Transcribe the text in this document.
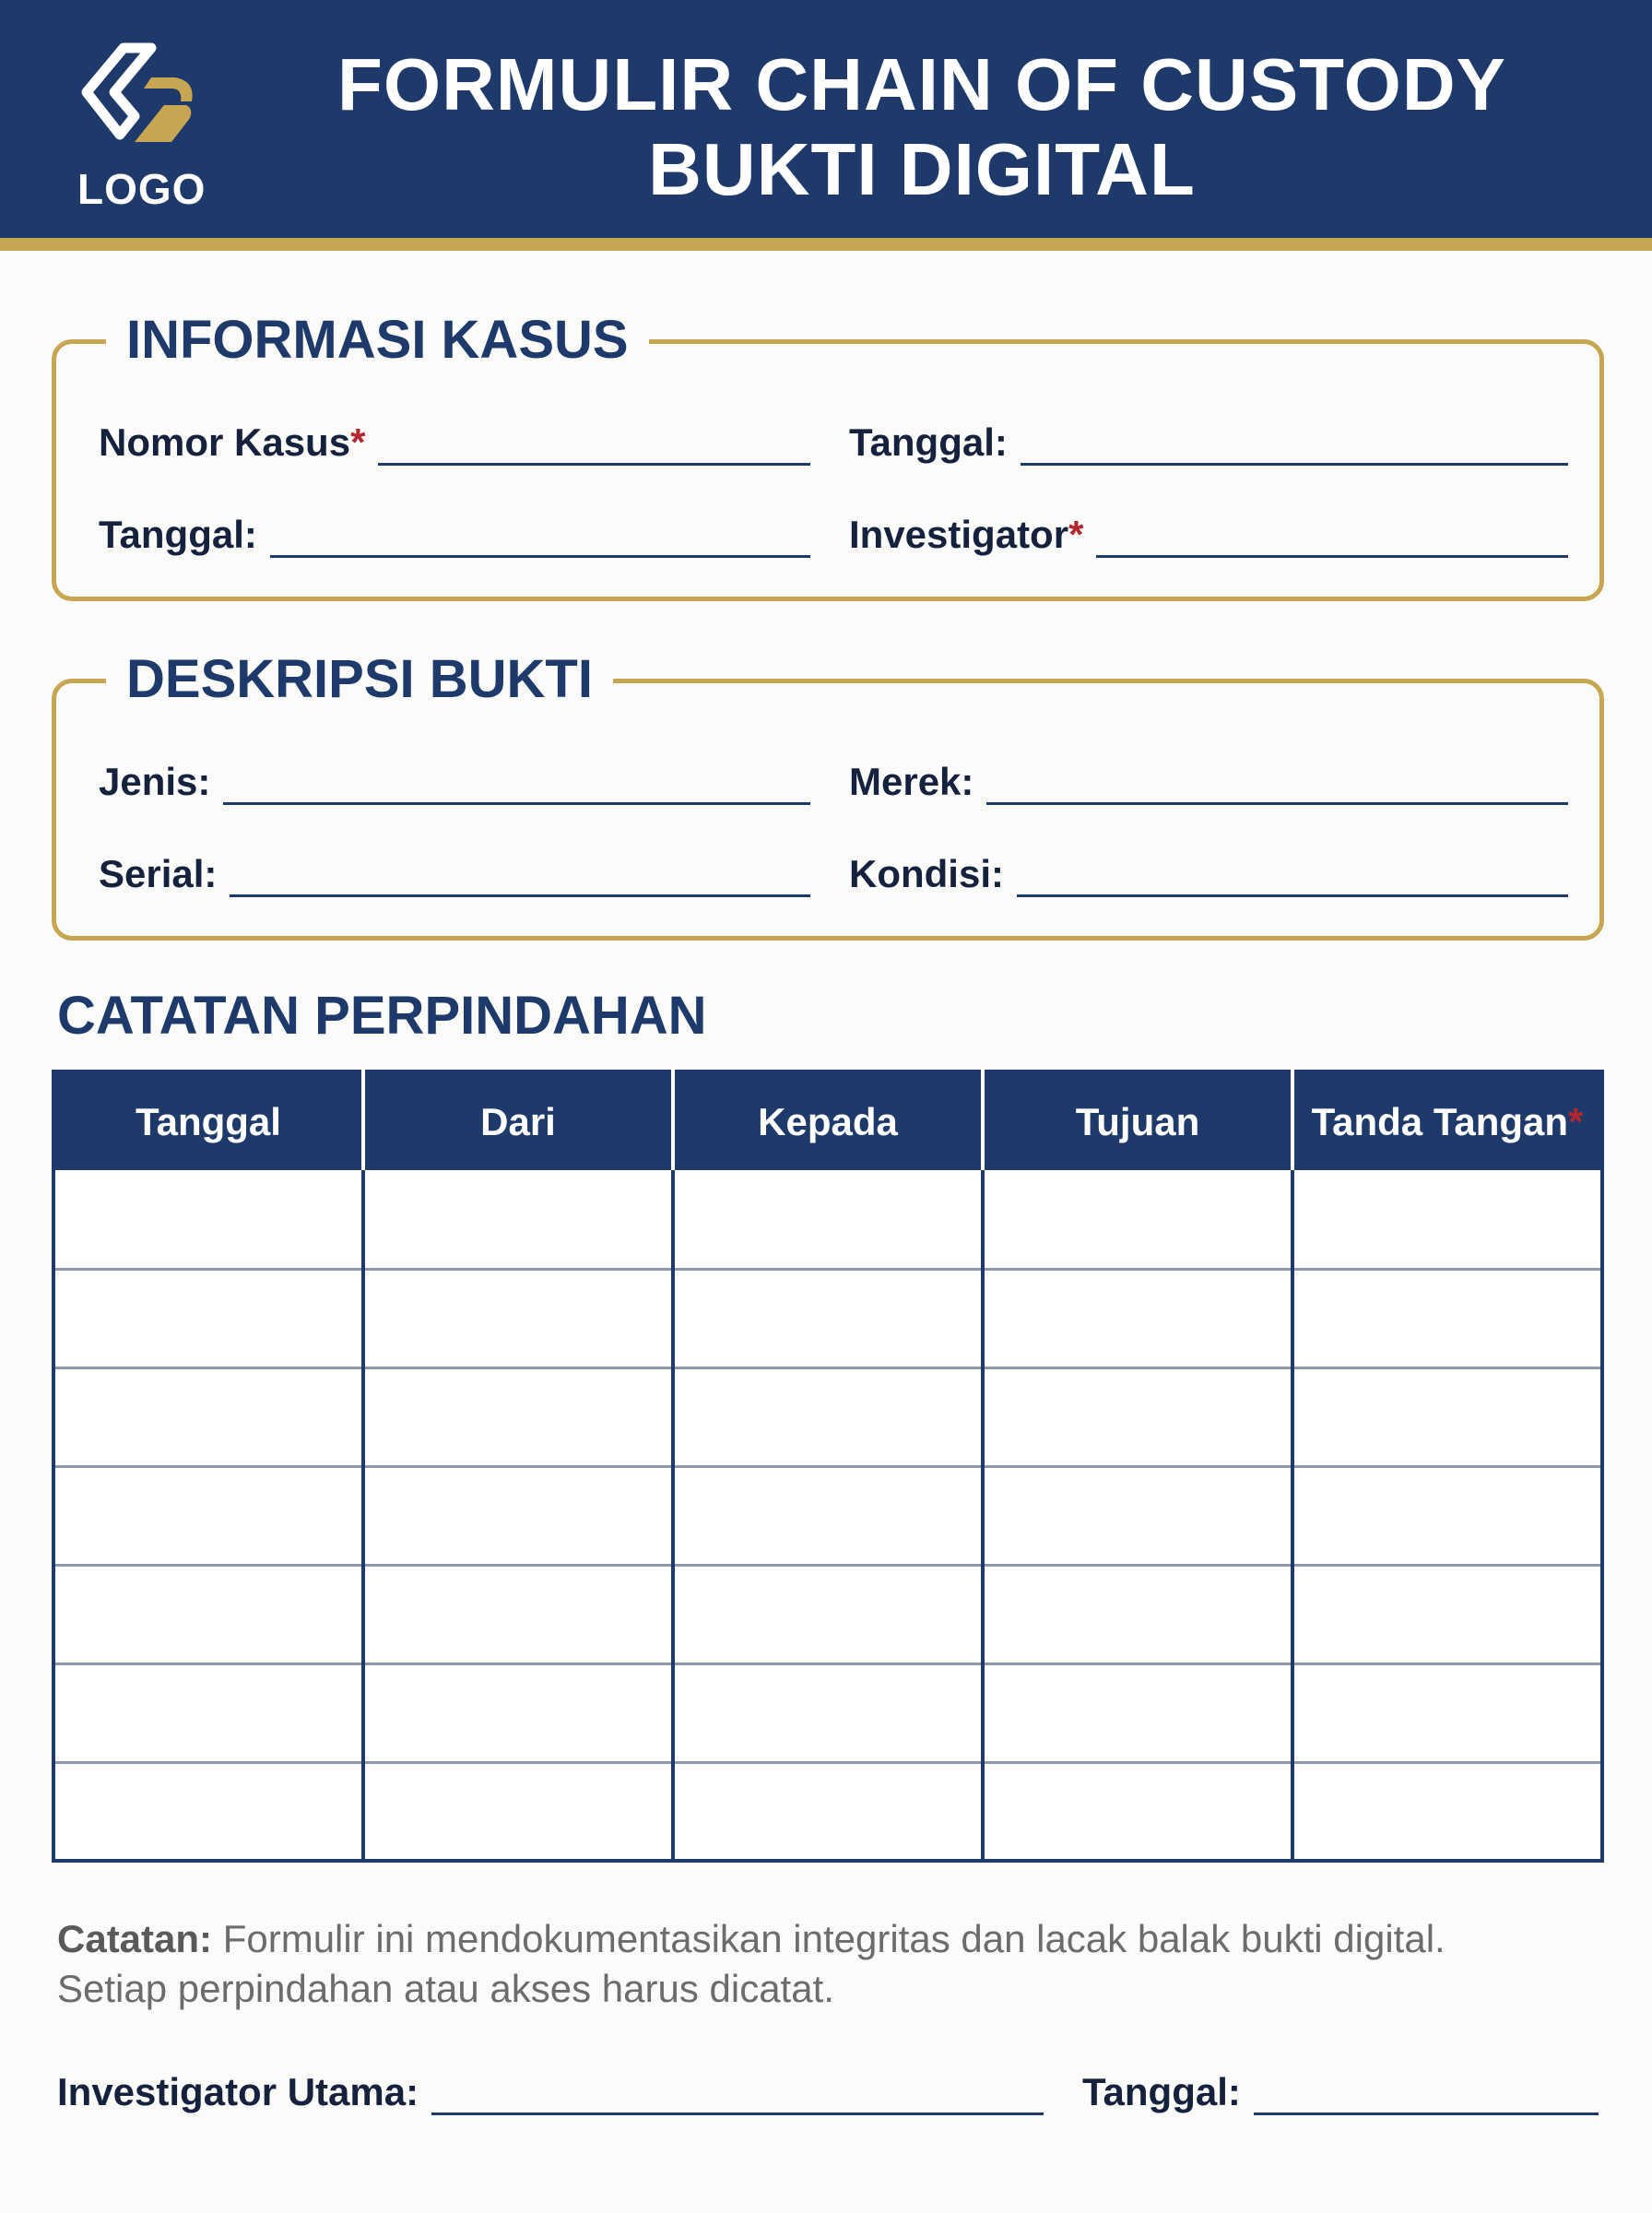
LOGO
FORMULIR CHAIN OF CUSTODY
BUKTI DIGITAL
INFORMASI KASUS
Nomor Kasus*	Tanggal:
Tanggal:	Investigator*
DESKRIPSI BUKTI
Jenis:	Merek:
Serial:	Kondisi:
CATATAN PERPINDAHAN
Tanggal	Dari	Kepada	Tujuan	Tanda Tangan*

Catatan: Formulir ini mendokumentasikan integritas dan lacak balak bukti digital.
Setiap perpindahan atau akses harus dicatat.
Investigator Utama:	Tanggal:
